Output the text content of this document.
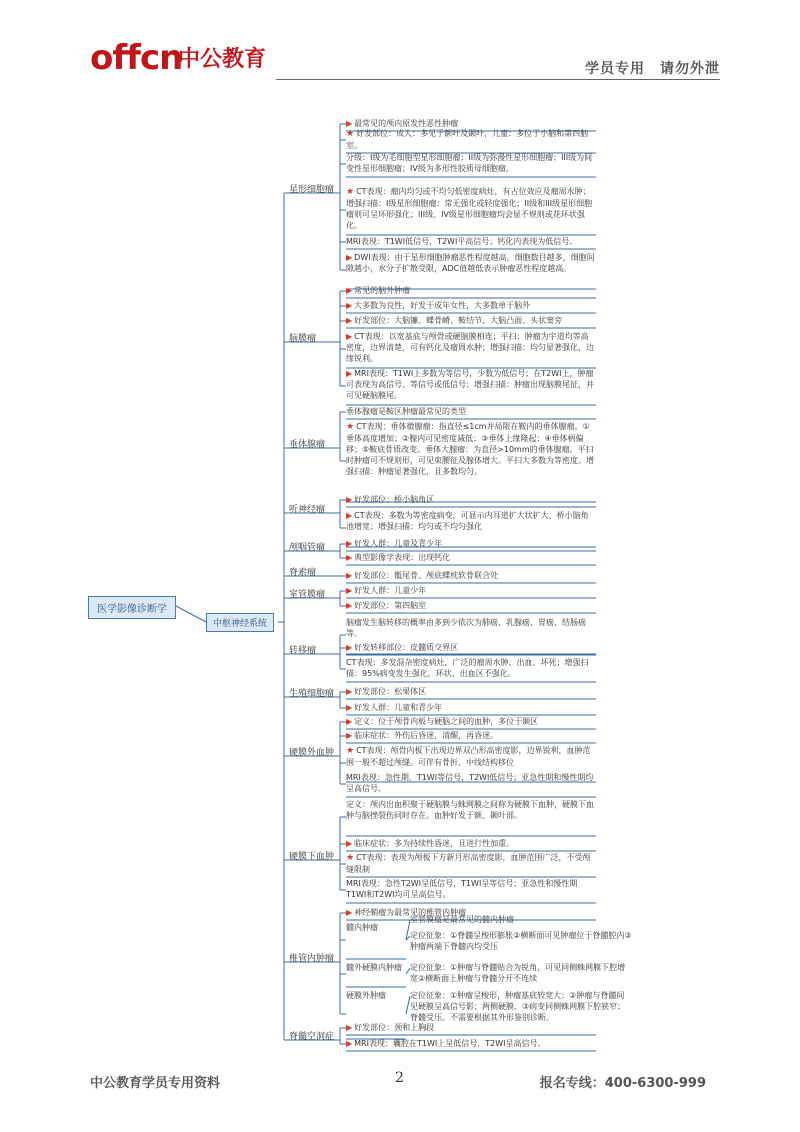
offcn
中公教育	学员专用　请勿外泄
医学影像诊断学
中枢神经系统
星形细胞瘤
▶ 最常见的颅内原发性恶性肿瘤
★ 好发部位：成人：多见于额叶及颞叶，儿童：多位于小脑和第四脑室。
分级：I级为毛细胞型星形细胞瘤；II级为弥漫性星形细胞瘤；III级为间变性星形细胞瘤；IV级为多形性胶质母细胞瘤。
★ CT表现：瘤内均匀或不均匀低密度病灶，有占位效应及瘤周水肿；增强扫描：I级星形细胞瘤：常无强化或轻度强化；II级和III级星形细胞瘤则可呈环形强化；III级、IV级星形细胞瘤均会显不规则或花环状强化。
MRI表现：T1WI低信号，T2WI平高信号；钙化内表现为低信号。
▶ DWI表现：由于星形细胞肿瘤恶性程度越高，细胞数目越多，细胞间隙越小，水分子扩散受限，ADC值越低表示肿瘤恶性程度越高。
脑膜瘤
▶ 常见的脑外肿瘤
▶ 大多数为良性，好发于成年女性，大多数单于脑外
▶ 好发部位：大脑镰、蝶骨嵴、鞍结节、大脑凸面、头状窦旁
▶ CT表现：以宽基底与颅骨或硬脑膜相连；平扫：肿瘤为宇道均等高密度，边界清楚，可有钙化及瘤周水肿；增强扫描：均匀显著强化，边缘锐利。
▶ MRI表现：T1WI上多数为等信号，少数为低信号；在T2WI上，肿瘤可表现为高信号、等信号或低信号；增强扫描：肿瘤出现脑膜尾征，并可见硬脑膜尾。
垂体腺瘤
垂体腺瘤是鞍区肿瘤最常见的类型
★ CT表现：垂体微腺瘤：指直径≤1cm并局限在鞍内的垂体腺瘤。①垂体高度增加；②腺内可见密度减低；③垂体上缘隆起；④垂体柄偏移；⑤鞍底骨质改变。垂体大腺瘤：为直径>10mm的垂体腺瘤。平扫时肿瘤可不规则形，可见束腰征及腺体增大。平扫大多数为等密度。增强扫描：肿瘤显著强化，且多数均匀。
听神经瘤
▶ 好发部位：桥小脑角区
▶ CT表现：多数为等密度病变，可显示内耳道扩大状扩大，桥小脑角池增宽；增强扫描：均匀或不均匀强化
颅咽管瘤	▶ 好发人群：儿童及青少年
▶ 典型影像学表现：出现钙化
脊索瘤	▶ 好发部位：骶尾骨、颅底蝶枕软骨联合处
室管膜瘤	▶ 好发人群：儿童少年
▶ 好发部位：第四脑室
转移瘤
脑瘤发生脑转移的概率由多到少依次为肺癌、乳腺癌、胃癌、结肠癌等。
▶ 好发转移部位：皮髓质交界区
CT表现：多发混杂密度病灶，广泛的瘤周水肿、出血、坏死；增强扫描：95%病变发生强化，环状、出血区不强化。
生殖细胞瘤 ▶ 好发部位：松果体区
▶ 好发人群：儿童和青少年
硬膜外血肿
▶ 定义：位于颅骨内板与硬脑之间的血肿，多位于颞区
▶ 临床症状：外伤后昏迷，清醒，再昏迷。
★ CT表现：颅骨内板下出现边界双凸形高密度影，边界锐利，血肿范围一般不超过颅缝。可伴有骨折、中线结构移位
MRI表现：急性期，T1WI等信号，T2WI低信号；亚急性期和慢性期均呈高信号。
硬膜下血肿
定义：颅内出血积聚于硬脑膜与蛛网膜之间称为硬膜下血肿，硬膜下血肿与脑挫裂伤同时存在。血肿好发于额、颞叶部。
▶ 临床症状：多为持续性昏迷，且进行性加重。
★ CT表现：表现为颅板下方新月形高密度影，血肿范围广泛，不受颅缝限制
MRI表现：急性T2WI呈低信号，T1WI呈等信号；亚急性和慢性期T1WI和T2WI均可呈高信号。
椎管内肿瘤
▶ 神经鞘瘤为最常见的椎管内肿瘤
髓内肿瘤
室管膜瘤是最常见的髓内肿瘤
定位征象：①脊髓呈梭形膨胀②横断面可见肿瘤位于脊髓腔内③肿瘤两端下脊髓内均受压
髓外硬膜内肿瘤	定位征象：①肿瘤与脊髓贴合为锐角，可见同侧蛛网膜下腔增宽②横断面上肿瘤与脊髓分开不连续
硬膜外肿瘤	定位征象：①肿瘤呈梭形，肿瘤基底较宽大；②肿瘤与脊髓间见硬膜呈高信号影；两侧硬膜、③病变同侧蛛网膜下腔狭窄；脊髓受压。不需要根据其外形鉴别诊断。
脊髓空洞症
▶ 好发部位：颈和上胸段
▶ MRI表现：囊腔在T1WI上呈低信号，T2WI呈高信号。
中公教育学员专用资料	2	报名专线：400-6300-999
